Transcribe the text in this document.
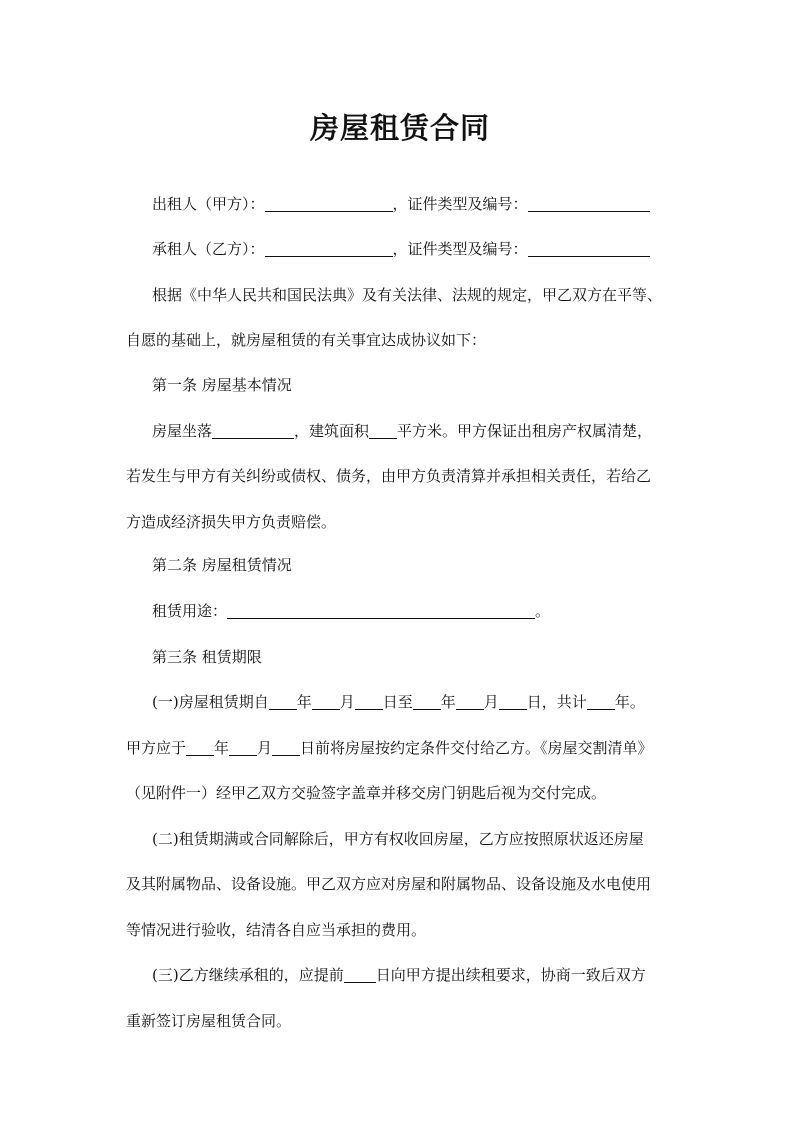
房屋租赁合同
出租人（甲方）：	，证件类型及编号：
承租人（乙方）：	，证件类型及编号：
根据《中华人民共和国民法典》及有关法律、法规的规定，甲乙双方在平等、
自愿的基础上，就房屋租赁的有关事宜达成协议如下：
第一条 房屋基本情况
房屋坐落	，建筑面积 平方米。甲方保证出租房产权属清楚，
若发生与甲方有关纠纷或债权、债务，由甲方负责清算并承担相关责任，若给乙
方造成经济损失甲方负责赔偿。
第二条 房屋租赁情况
租赁用途：	。
第三条 租赁期限
(一)房屋租赁期自 年 月 日至 年 月 日，共计 年。
甲方应于 年 月 日前将房屋按约定条件交付给乙方。《房屋交割清单》
（见附件一）经甲乙双方交验签字盖章并移交房门钥匙后视为交付完成。
(二)租赁期满或合同解除后，甲方有权收回房屋，乙方应按照原状返还房屋
及其附属物品、设备设施。甲乙双方应对房屋和附属物品、设备设施及水电使用
等情况进行验收，结清各自应当承担的费用。
(三)乙方继续承租的，应提前 日向甲方提出续租要求，协商一致后双方
重新签订房屋租赁合同。
